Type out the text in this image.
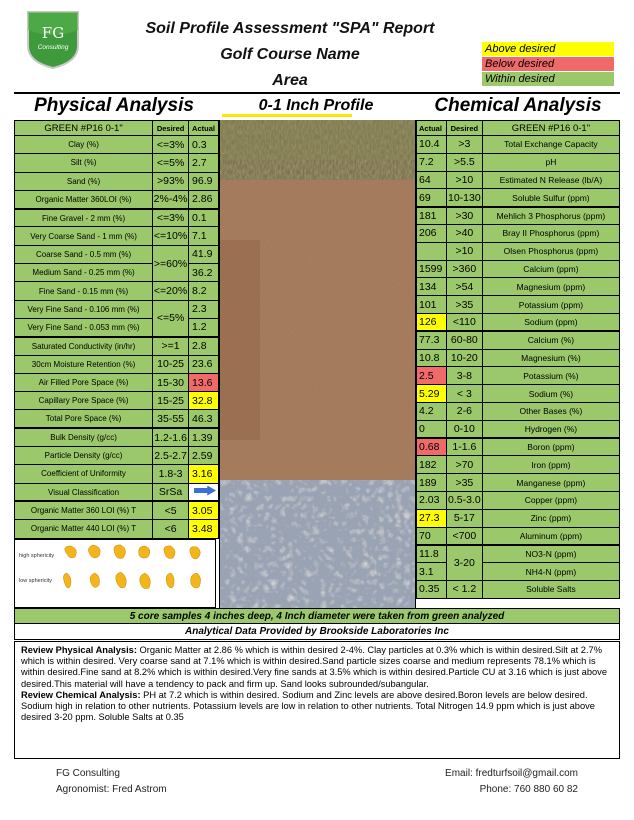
FG
Consulting
Soil Profile Assessment "SPA" Report
Golf Course Name
Area
Above desired
Below desired
Within desired
Physical Analysis	0-1 Inch Profile	Chemical Analysis
GREEN #P16 0-1"	Desired	Actual
Clay (%)	<=3%	0.3
Silt (%)	<=5%	2.7
Sand (%)	>93%	96.9
Organic Matter 360LOI (%)	2%-4%	2.86
Fine Gravel - 2 mm (%)	<=3%	0.1
Very Coarse Sand - 1 mm (%)	<=10%	7.1
Coarse Sand - 0.5 mm (%)	>=60%	41.9
Medium Sand - 0.25 mm (%)		36.2
Fine Sand - 0.15 mm (%)	<=20%	8.2
Very Fine Sand - 0.106 mm (%)	<=5%	2.3
Very Fine Sand - 0.053 mm (%)		1.2
Saturated Conductivity (in/hr)	>=1	2.8
30cm Moisture Retention (%)	10-25	23.6
Air Filled Pore Space (%)	15-30	13.6
Capillary Pore Space (%)	15-25	32.8
Total Pore Space (%)	35-55	46.3
Bulk Density (g/cc)	1.2-1.6	1.39
Particle Density (g/cc)	2.5-2.7	2.59
Coefficient of Uniformity	1.8-3	3.16
Visual Classification	SrSa	
Organic Matter 360 LOI (%) T	<5	3.05
Organic Matter 440 LOI (%) T	<6	3.48
high sphericity
low sphericity
Actual	Desired	GREEN #P16 0-1"
10.4	>3	Total Exchange Capacity
7.2	>5.5	pH
64	>10	Estimated N Release (lb/A)
69	10-130	Soluble Sulfur (ppm)
181	>30	Mehlich 3 Phosphorus (ppm)
206	>40	Bray II Phosphorus (ppm)
	>10	Olsen Phosphorus (ppm)
1599	>360	Calcium (ppm)
134	>54	Magnesium (ppm)
101	>35	Potassium (ppm)
126	<110	Sodium (ppm)
77.3	60-80	Calcium (%)
10.8	10-20	Magnesium (%)
2.5	3-8	Potassium (%)
5.29	< 3	Sodium (%)
4.2	2-6	Other Bases (%)
0	0-10	Hydrogen (%)
0.68	1-1.6	Boron (ppm)
182	>70	Iron (ppm)
189	>35	Manganese (ppm)
2.03	0.5-3.0	Copper (ppm)
27.3	5-17	Zinc (ppm)
70	<700	Aluminum (ppm)
11.8	3-20	NO3-N (ppm)
3.1		NH4-N (ppm)
0.35	< 1.2	Soluble Salts
5 core samples 4 inches deep, 4 Inch diameter were taken from green analyzed
Analytical Data Provided by Brookside Laboratories Inc
Review Physical Analysis: Organic Matter at 2.86 % which is within desired 2-4%. Clay particles at 0.3% which is within desired.Silt at 2.7% which is within desired. Very coarse sand at 7.1% which is within desired.Sand particle sizes coarse and medium represents 78.1% which is within desired.Fine sand at 8.2% which is within desired.Very fine sands at 3.5% which is within desired.Particle CU at 3.16 which is just above desired.This material will have a tendency to pack and firm up. Sand looks subrounded/subangular.
Review Chemical Analysis: PH at 7.2 which is within desired. Sodium and Zinc levels are above desired.Boron levels are below desired. Sodium high in relation to other nutrients. Potassium levels are low in relation to other nutrients. Total Nitrogen 14.9 ppm which is just above desired 3-20 ppm. Soluble Salts at 0.35
FG Consulting
Agronomist: Fred Astrom
Email: fredturfsoil@gmail.com
Phone: 760 880 60 82
